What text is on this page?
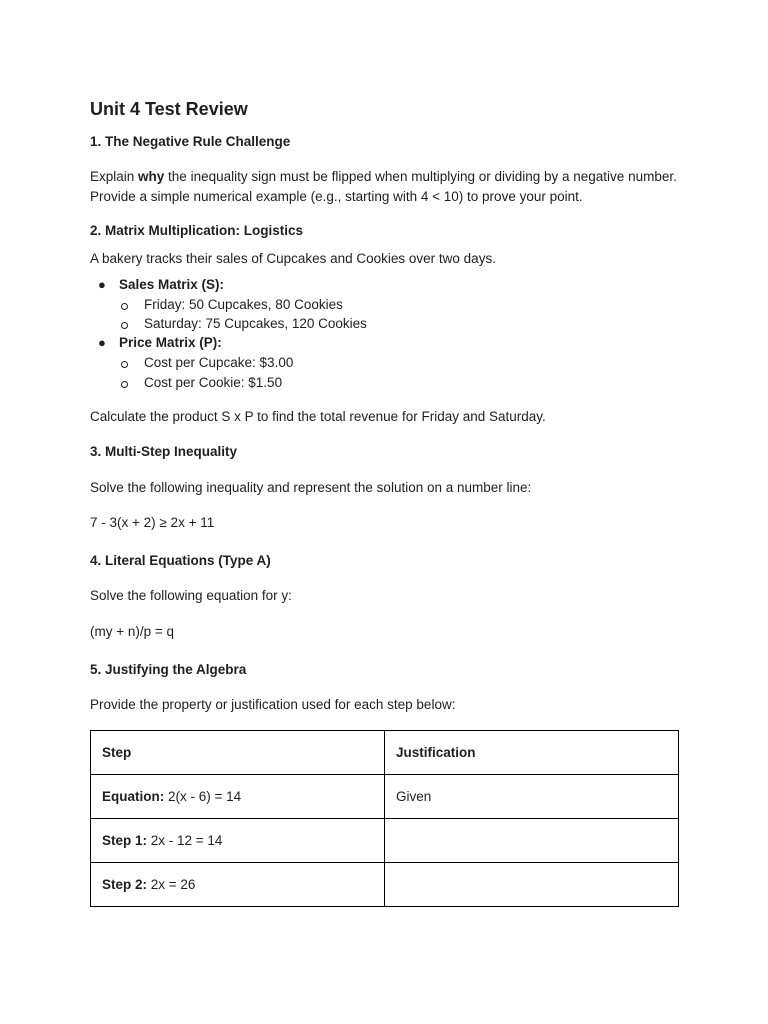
Unit 4 Test Review
1. The Negative Rule Challenge
Explain why the inequality sign must be flipped when multiplying or dividing by a negative number. Provide a simple numerical example (e.g., starting with 4 < 10) to prove your point.
2. Matrix Multiplication: Logistics
A bakery tracks their sales of Cupcakes and Cookies over two days.
● Sales Matrix (S):
Friday: 50 Cupcakes, 80 Cookies
Saturday: 75 Cupcakes, 120 Cookies
● Price Matrix (P):
Cost per Cupcake: $3.00
Cost per Cookie: $1.50
Calculate the product S x P to find the total revenue for Friday and Saturday.
3. Multi-Step Inequality
Solve the following inequality and represent the solution on a number line:
7 - 3(x + 2) ≥ 2x + 11
4. Literal Equations (Type A)
Solve the following equation for y:
(my + n)/p = q
5. Justifying the Algebra
Provide the property or justification used for each step below:
Step	Justification
Equation: 2(x - 6) = 14	Given
Step 1: 2x - 12 = 14	
Step 2: 2x = 26	
